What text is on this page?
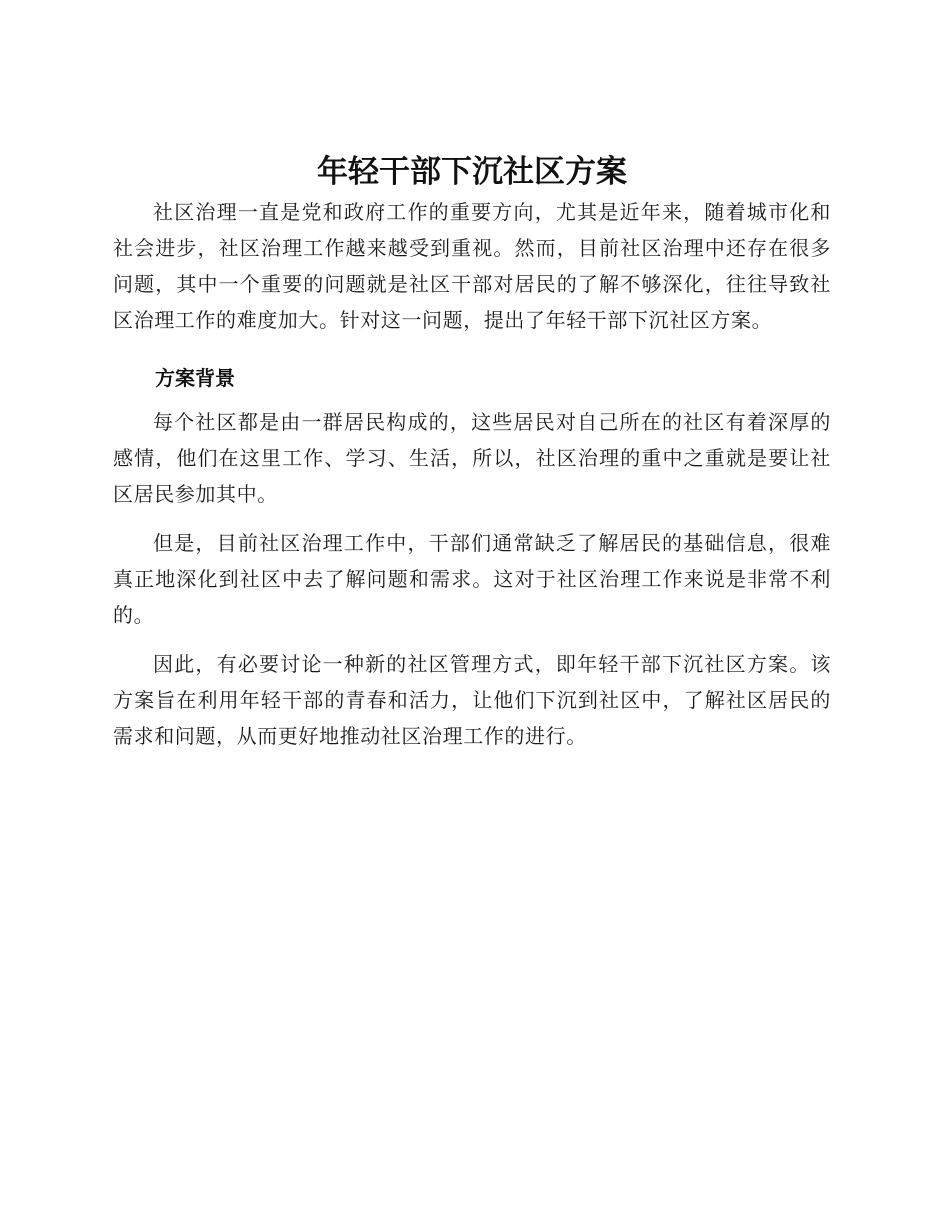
年轻干部下沉社区方案

社区治理一直是党和政府工作的重要方向，尤其是近年来，随着城市化和社会进步，社区治理工作越来越受到重视。然而，目前社区治理中还存在很多问题，其中一个重要的问题就是社区干部对居民的了解不够深化，往往导致社区治理工作的难度加大。针对这一问题，提出了年轻干部下沉社区方案。

方案背景

每个社区都是由一群居民构成的，这些居民对自己所在的社区有着深厚的感情，他们在这里工作、学习、生活，所以，社区治理的重中之重就是要让社区居民参加其中。

但是，目前社区治理工作中，干部们通常缺乏了解居民的基础信息，很难真正地深化到社区中去了解问题和需求。这对于社区治理工作来说是非常不利的。

因此，有必要讨论一种新的社区管理方式，即年轻干部下沉社区方案。该方案旨在利用年轻干部的青春和活力，让他们下沉到社区中，了解社区居民的需求和问题，从而更好地推动社区治理工作的进行。
